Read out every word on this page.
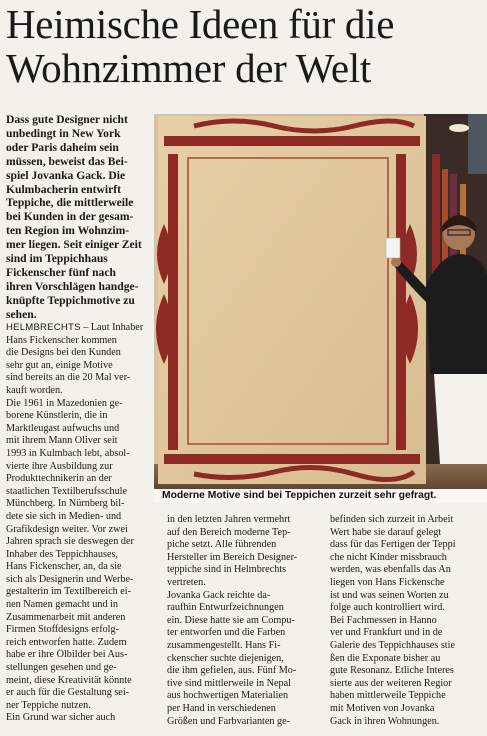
Heimische Ideen für die
Wohnzimmer der Welt
Dass gute Designer nicht
unbedingt in New York
oder Paris daheim sein
müssen, beweist das Bei-
spiel Jovanka Gack. Die
Kulmbacherin entwirft
Teppiche, die mittlerweile
bei Kunden in der gesam-
ten Region im Wohnzim-
mer liegen. Seit einiger Zeit
sind im Teppichhaus
Fickenscher fünf nach
ihren Vorschlägen handge-
knüpfte Teppichmotive zu
sehen.
Moderne Motive sind bei Teppichen zurzeit sehr gefragt.
HELMBRECHTS – Laut Inhaber
Hans Fickenscher kommen
die Designs bei den Kunden
sehr gut an, einige Motive
sind bereits an die 20 Mal ver-
kauft worden.
Die 1961 in Mazedonien ge-
borene Künstlerin, die in
Marktleugast aufwuchs und
mit ihrem Mann Oliver seit
1993 in Kulmbach lebt, absol-
vierte ihre Ausbildung zur
Produkttechnikerin an der
staatlichen Textilberufsschule
Münchberg. In Nürnberg bil-
dete sie sich in Medien- und
Grafikdesign weiter. Vor zwei
Jahren sprach sie deswegen der
Inhaber des Teppichhauses,
Hans Fickenscher, an, da sie
sich als Designerin und Werbe-
gestalterin im Textilbereich ei-
nen Namen gemacht und in
Zusammenarbeit mit anderen
Firmen Stoffdesigns erfolg-
reich entworfen hatte. Zudem
habe er ihre Ölbilder bei Aus-
stellungen gesehen und ge-
meint, diese Kreativität könnte
er auch für die Gestaltung sei-
ner Teppiche nutzen.
Ein Grund war sicher auch
in den letzten Jahren vermehrt
auf den Bereich moderne Tep-
piche setzt. Alle führenden
Hersteller im Bereich Designer-
teppiche sind in Helmbrechts
vertreten.
Jovanka Gack reichte da-
raufhin Entwurfzeichnungen
ein. Diese hatte sie am Compu-
ter entworfen und die Farben
zusammengestellt. Hans Fi-
ckenscher suchte diejenigen,
die ihm gefielen, aus. Fünf Mo-
tive sind mittlerweile in Nepal
aus hochwertigen Materialien
per Hand in verschiedenen
Größen und Farbvarianten ge-
befinden sich zurzeit in Arbeit
Wert habe sie darauf gelegt
dass für das Fertigen der Teppi
che nicht Kinder missbrauch
werden, was ebenfalls das An
liegen von Hans Fickensche
ist und was seinen Worten zu
folge auch kontrolliert wird.
Bei Fachmessen in Hanno
ver und Frankfurt und in de
Galerie des Teppichhauses stie
ßen die Exponate bisher au
gute Resonanz. Etliche Interes
sierte aus der weiteren Regior
haben mittlerweile Teppiche
mit Motiven von Jovanka
Gack in ihren Wohnungen.
